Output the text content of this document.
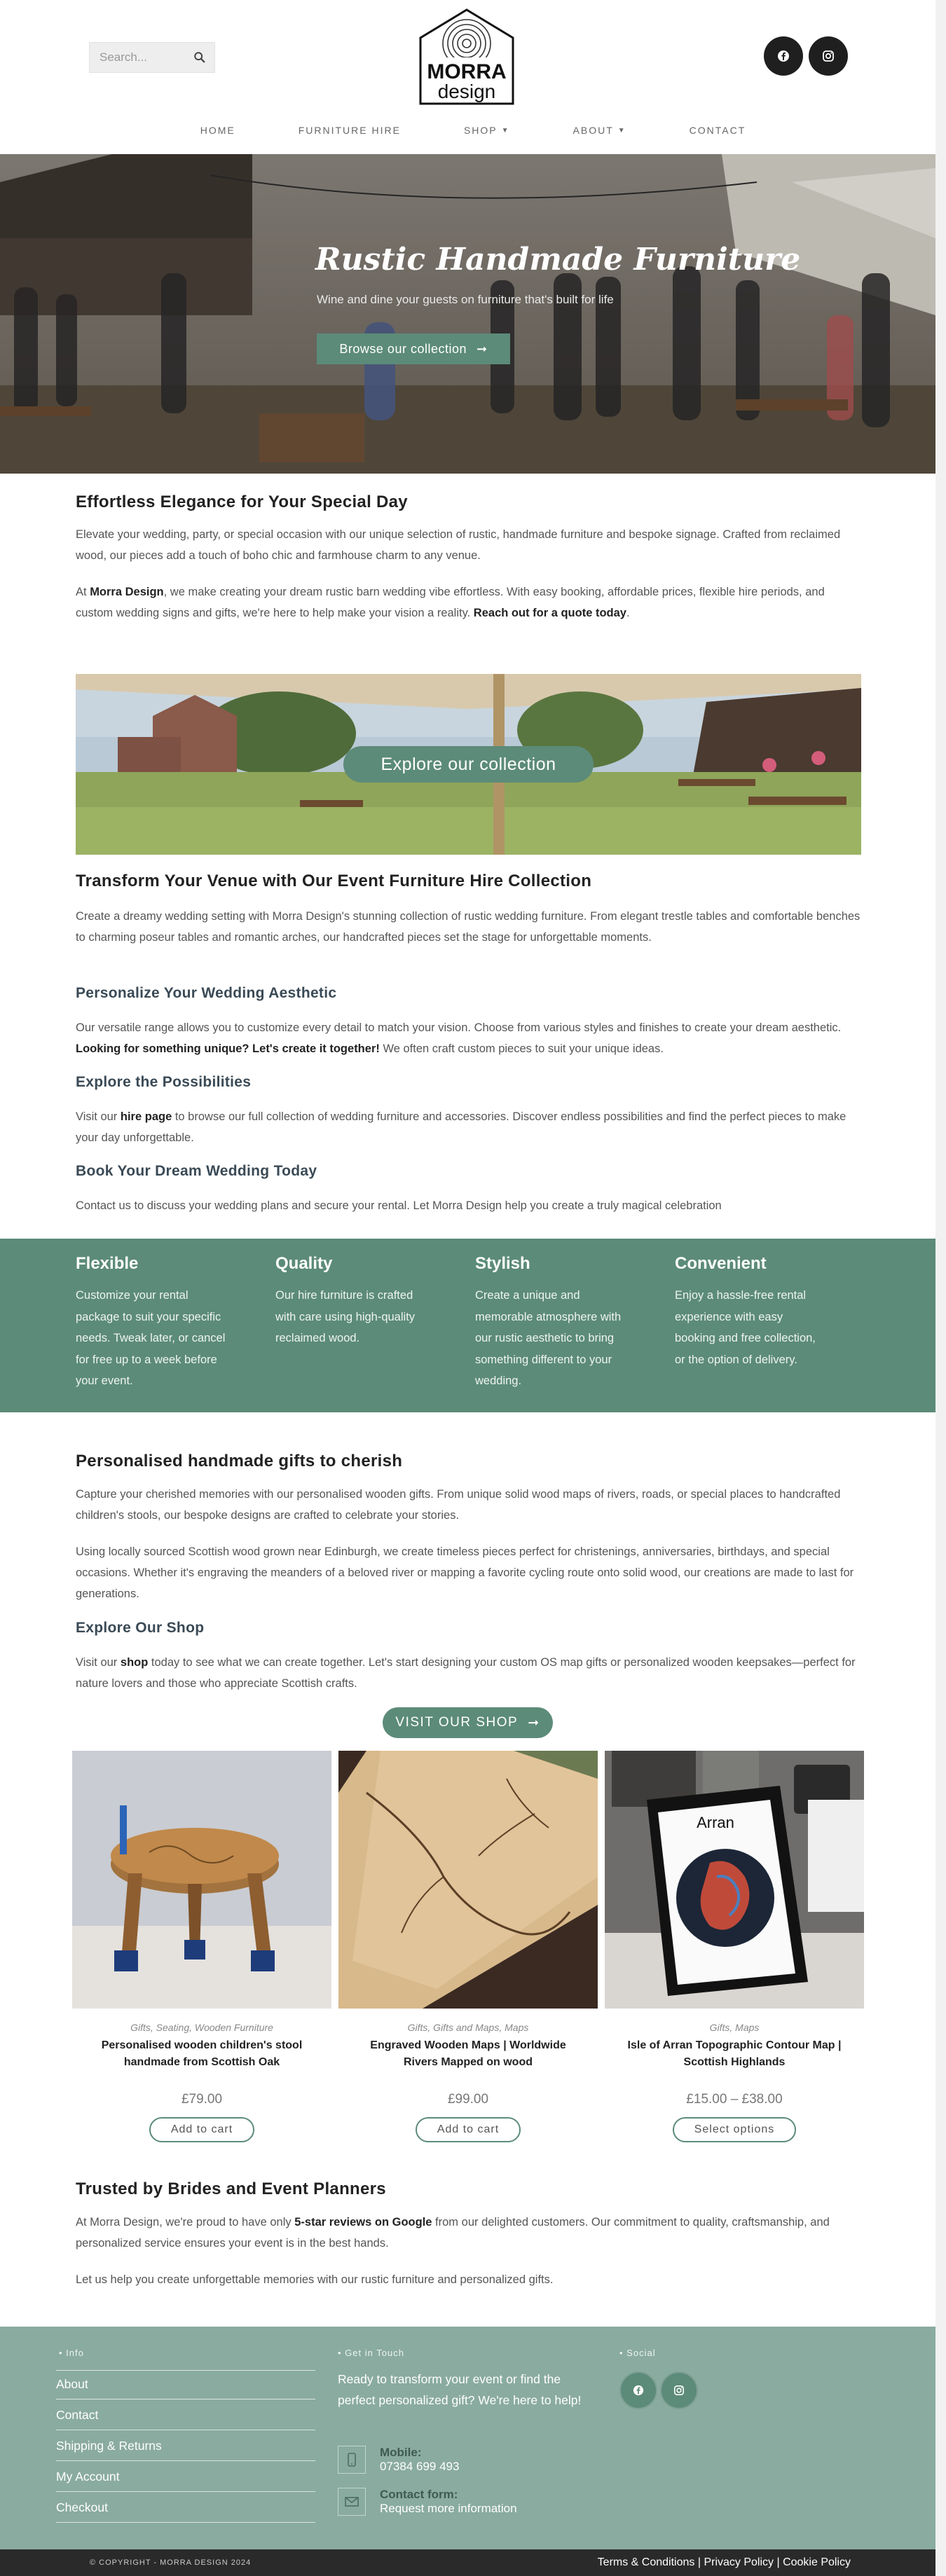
Search...
MORRA
design
HOME	FURNITURE HIRE	SHOP ▼	ABOUT ▼	CONTACT
Rustic Handmade Furniture
Wine and dine your guests on furniture that's built for life
Browse our collection ➞
Effortless Elegance for Your Special Day

Elevate your wedding, party, or special occasion with our unique selection of rustic, handmade furniture and bespoke signage. Crafted from reclaimed wood, our pieces add a touch of boho chic and farmhouse charm to any venue.

At Morra Design, we make creating your dream rustic barn wedding vibe effortless. With easy booking, affordable prices, flexible hire periods, and custom wedding signs and gifts, we're here to help make your vision a reality. Reach out for a quote today.

Explore our collection
Transform Your Venue with Our Event Furniture Hire Collection

Create a dreamy wedding setting with Morra Design's stunning collection of rustic wedding furniture. From elegant trestle tables and comfortable benches to charming poseur tables and romantic arches, our handcrafted pieces set the stage for unforgettable moments.

Personalize Your Wedding Aesthetic

Our versatile range allows you to customize every detail to match your vision. Choose from various styles and finishes to create your dream aesthetic. Looking for something unique? Let's create it together! We often craft custom pieces to suit your unique ideas.

Explore the Possibilities

Visit our hire page to browse our full collection of wedding furniture and accessories. Discover endless possibilities and find the perfect pieces to make your day unforgettable.

Book Your Dream Wedding Today

Contact us to discuss your wedding plans and secure your rental. Let Morra Design help you create a truly magical celebration

Flexible

Customize your rental package to suit your specific needs. Tweak later, or cancel for free up to a week before your event.

Quality

Our hire furniture is crafted with care using high-quality reclaimed wood.

Stylish

Create a unique and memorable atmosphere with our rustic aesthetic to bring something different to your wedding.

Convenient

Enjoy a hassle-free rental experience with easy booking and free collection, or the option of delivery.

Personalised handmade gifts to cherish

Capture your cherished memories with our personalised wooden gifts. From unique solid wood maps of rivers, roads, or special places to handcrafted children's stools, our bespoke designs are crafted to celebrate your stories.

Using locally sourced Scottish wood grown near Edinburgh, we create timeless pieces perfect for christenings, anniversaries, birthdays, and special occasions. Whether it's engraving the meanders of a beloved river or mapping a favorite cycling route onto solid wood, our creations are made to last for generations.

Explore Our Shop

Visit our shop today to see what we can create together. Let's start designing your custom OS map gifts or personalized wooden keepsakes—perfect for nature lovers and those who appreciate Scottish crafts.

VISIT OUR SHOP ➞
Gifts, Seating, Wooden Furniture
Personalised wooden children's stool handmade from Scottish Oak
£79.00
Add to cart
Gifts, Gifts and Maps, Maps
Engraved Wooden Maps | Worldwide Rivers Mapped on wood
£99.00
Add to cart
Arran
Gifts, Maps
Isle of Arran Topographic Contour Map | Scottish Highlands
£15.00 – £38.00
Select options
Trusted by Brides and Event Planners

At Morra Design, we're proud to have only 5-star reviews on Google from our delighted customers. Our commitment to quality, craftsmanship, and personalized service ensures your event is in the best hands.

Let us help you create unforgettable memories with our rustic furniture and personalized gifts.

• Info
About
Contact
Shipping & Returns
My Account
Checkout
• Get in Touch
Ready to transform your event or find the perfect personalized gift? We're here to help!
Mobile:
07384 699 493
Contact form:
Request more information
• Social
© COPYRIGHT - MORRA DESIGN 2024	Terms & Conditions | Privacy Policy | Cookie Policy
